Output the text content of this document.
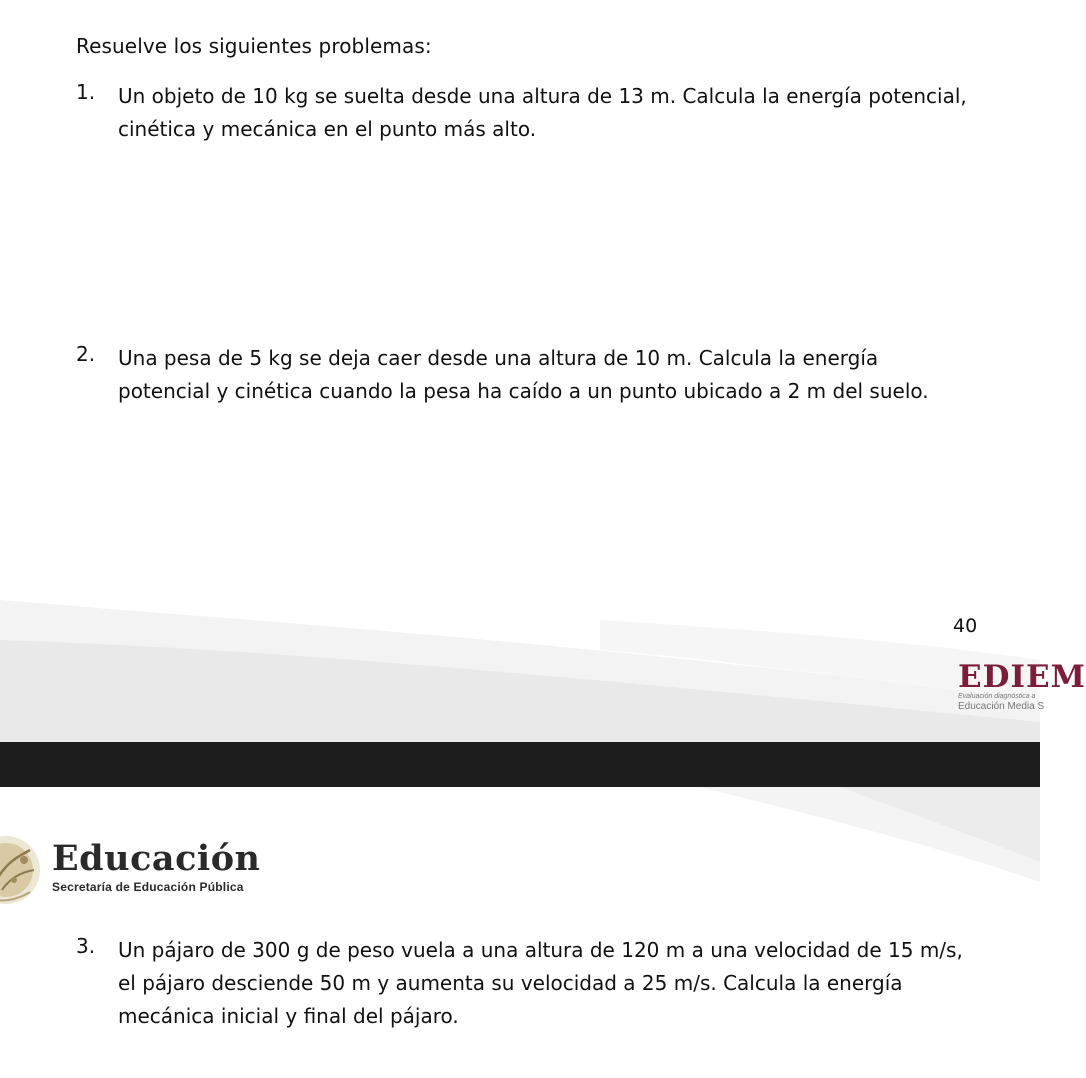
Resuelve los siguientes problemas:
1. Un objeto de 10 kg se suelta desde una altura de 13 m. Calcula la energía potencial,
cinética y mecánica en el punto más alto.
2. Una pesa de 5 kg se deja caer desde una altura de 10 m. Calcula la energía
potencial y cinética cuando la pesa ha caído a un punto ubicado a 2 m del suelo.
40
EDIEM
Evaluación diagnóstica a
Educación Media S
Educación
Secretaría de Educación Pública
3. Un pájaro de 300 g de peso vuela a una altura de 120 m a una velocidad de 15 m/s,
el pájaro desciende 50 m y aumenta su velocidad a 25 m/s. Calcula la energía
mecánica inicial y final del pájaro.
